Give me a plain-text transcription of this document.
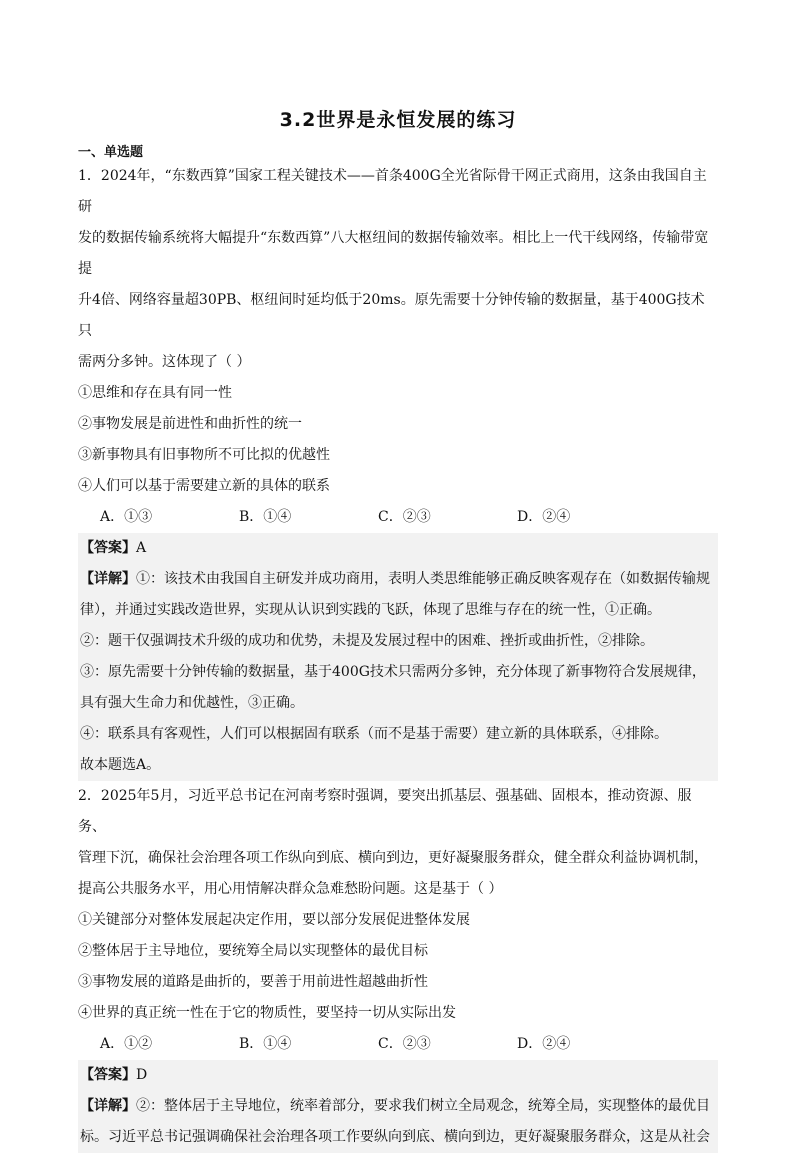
3.2世界是永恒发展的练习
一、单选题

1．2024年，“东数西算”国家工程关键技术——首条400G全光省际骨干网正式商用，这条由我国自主研

发的数据传输系统将大幅提升“东数西算”八大枢纽间的数据传输效率。相比上一代干线网络，传输带宽提

升4倍、网络容量超30PB、枢纽间时延均低于20ms。原先需要十分钟传输的数据量，基于400G技术只

需两分多钟。这体现了（ ）

①思维和存在具有同一性

②事物发展是前进性和曲折性的统一

③新事物具有旧事物所不可比拟的优越性

④人们可以基于需要建立新的具体的联系

A．①③	B．①④	C．②③	D．②④

【答案】A

【详解】①：该技术由我国自主研发并成功商用，表明人类思维能够正确反映客观存在（如数据传输规

律），并通过实践改造世界，实现从认识到实践的飞跃，体现了思维与存在的统一性，①正确。

②：题干仅强调技术升级的成功和优势，未提及发展过程中的困难、挫折或曲折性，②排除。

③：原先需要十分钟传输的数据量，基于400G技术只需两分多钟，充分体现了新事物符合发展规律，

具有强大生命力和优越性，③正确。

④：联系具有客观性，人们可以根据固有联系（而不是基于需要）建立新的具体联系，④排除。

故本题选A。

2．2025年5月，习近平总书记在河南考察时强调，要突出抓基层、强基础、固根本，推动资源、服务、

管理下沉，确保社会治理各项工作纵向到底、横向到边，更好凝聚服务群众，健全群众利益协调机制，

提高公共服务水平，用心用情解决群众急难愁盼问题。这是基于（ ）

①关键部分对整体发展起决定作用，要以部分发展促进整体发展

②整体居于主导地位，要统筹全局以实现整体的最优目标

③事物发展的道路是曲折的，要善于用前进性超越曲折性

④世界的真正统一性在于它的物质性，要坚持一切从实际出发

A．①②	B．①④	C．②③	D．②④

【答案】D

【详解】②：整体居于主导地位，统率着部分，要求我们树立全局观念，统筹全局，实现整体的最优目

标。习近平总书记强调确保社会治理各项工作要纵向到底、横向到边，更好凝聚服务群众，这是从社会
